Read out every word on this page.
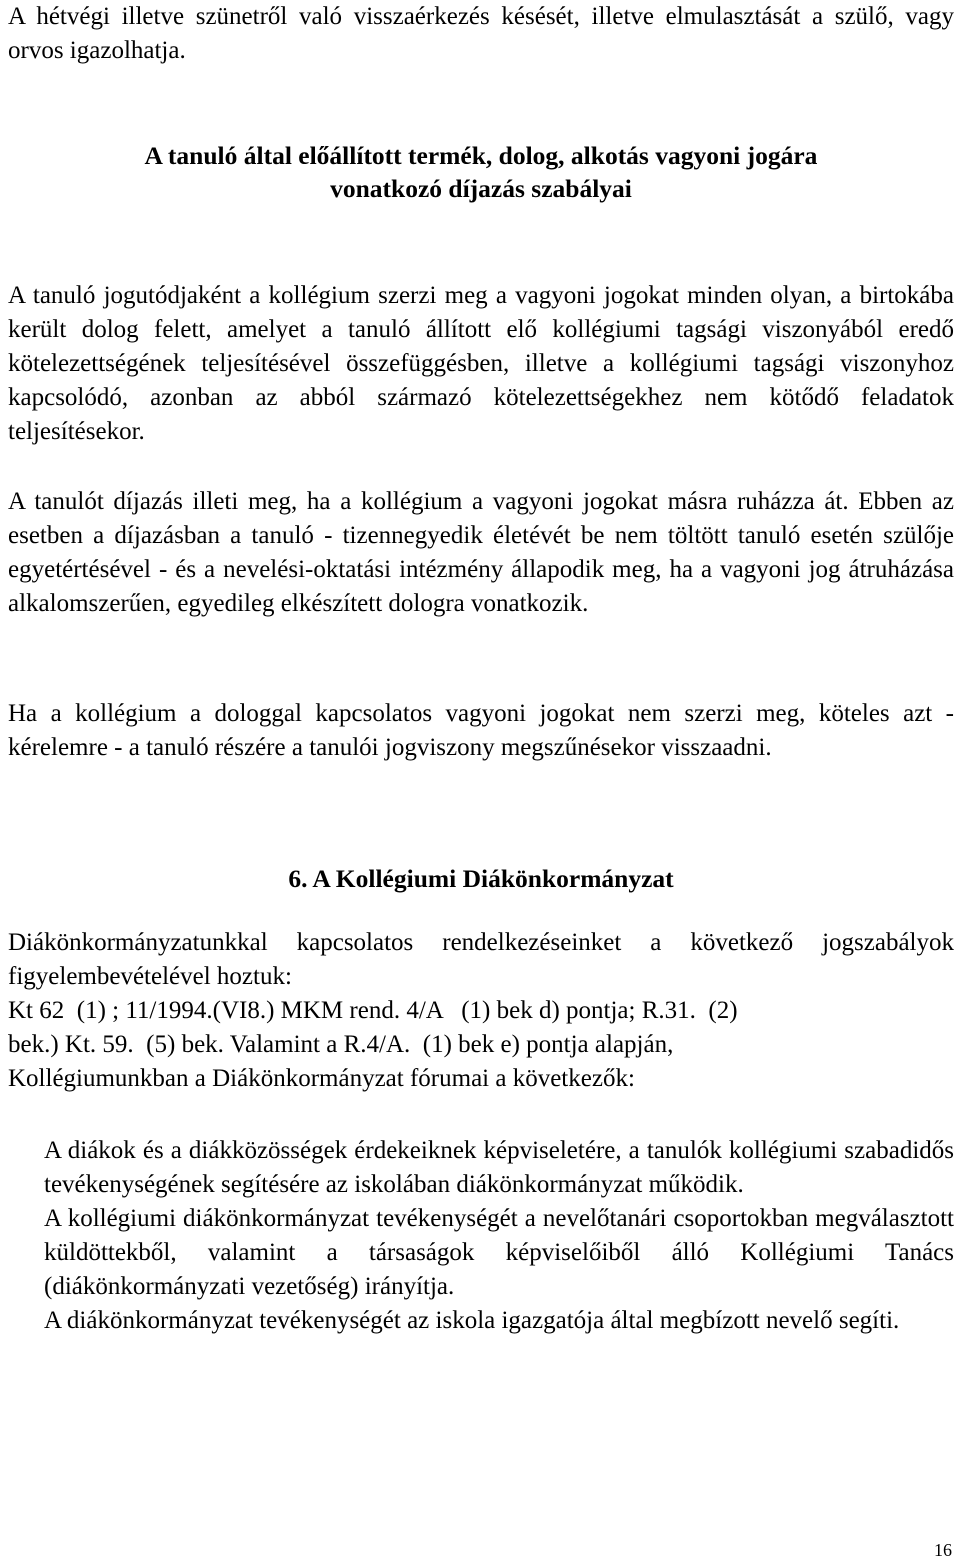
A hétvégi illetve szünetről való visszaérkezés késését, illetve elmulasztását a szülő, vagy orvos igazolhatja.

A tanuló által előállított termék, dolog, alkotás vagyoni jogára

vonatkozó díjazás szabályai

A tanuló jogutódjaként a kollégium szerzi meg a vagyoni jogokat minden olyan, a birtokába került dolog felett, amelyet a tanuló állított elő kollégiumi tagsági viszonyából eredő kötelezettségének teljesítésével összefüggésben, illetve a kollégiumi tagsági viszonyhoz kapcsolódó, azonban az abból származó kötelezettségekhez nem kötődő feladatok teljesítésekor.

A tanulót díjazás illeti meg, ha a kollégium a vagyoni jogokat másra ruházza át. Ebben az esetben a díjazásban a tanuló - tizennegyedik életévét be nem töltött tanuló esetén szülője egyetértésével - és a nevelési-oktatási intézmény állapodik meg, ha a vagyoni jog átruházása alkalomszerűen, egyedileg elkészített dologra vonatkozik.

Ha a kollégium a dologgal kapcsolatos vagyoni jogokat nem szerzi meg, köteles azt - kérelemre - a tanuló részére a tanulói jogviszony megszűnésekor visszaadni.

6. A Kollégiumi Diákönkormányzat

Diákönkormányzatunkkal kapcsolatos rendelkezéseinket a következő jogszabályok figyelembevételével hoztuk:

Kt 62  (1) ; 11/1994.(VI8.) MKM rend. 4/A   (1) bek d) pontja; R.31.  (2)

bek.) Kt. 59.  (5) bek. Valamint a R.4/A.  (1) bek e) pontja alapján,

Kollégiumunkban a Diákönkormányzat fórumai a következők:

A diákok és a diákközösségek érdekeiknek képviseletére, a tanulók kollégiumi szabadidős tevékenységének segítésére az iskolában diákönkormányzat működik.

A kollégiumi diákönkormányzat tevékenységét a nevelőtanári csoportokban megválasztott küldöttekből, valamint a társaságok képviselőiből álló Kollégiumi Tanács (diákönkormányzati vezetőség) irányítja.

A diákönkormányzat tevékenységét az iskola igazgatója által megbízott nevelő segíti.

16
